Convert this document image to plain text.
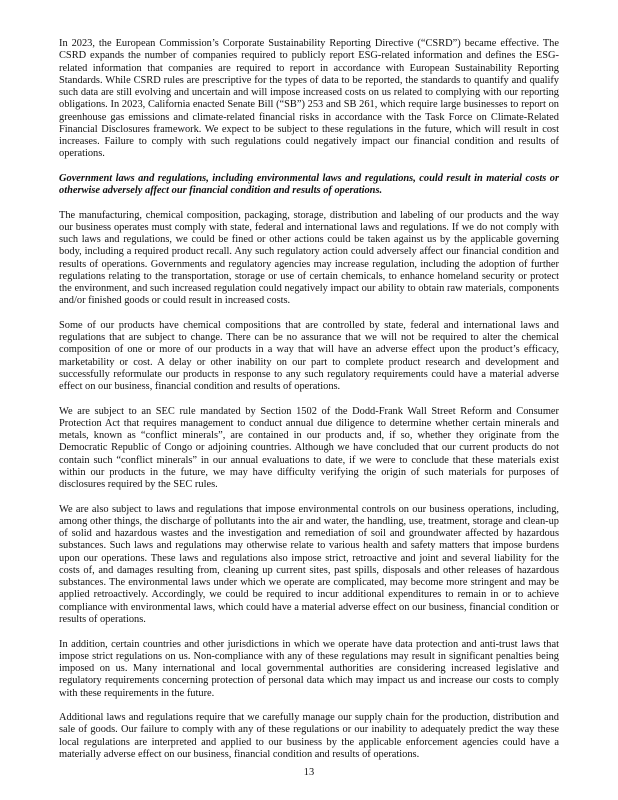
In 2023, the European Commission’s Corporate Sustainability Reporting Directive (“CSRD”) became effective. The CSRD expands the number of companies required to publicly report ESG-related information and defines the ESG-related information that companies are required to report in accordance with European Sustainability Reporting Standards. While CSRD rules are prescriptive for the types of data to be reported, the standards to quantify and qualify such data are still evolving and uncertain and will impose increased costs on us related to complying with our reporting obligations. In 2023, California enacted Senate Bill (“SB”) 253 and SB 261, which require large businesses to report on greenhouse gas emissions and climate-related financial risks in accordance with the Task Force on Climate-Related Financial Disclosures framework. We expect to be subject to these regulations in the future, which will result in cost increases. Failure to comply with such regulations could negatively impact our financial condition and results of operations.

Government laws and regulations, including environmental laws and regulations, could result in material costs or otherwise adversely affect our financial condition and results of operations.

The manufacturing, chemical composition, packaging, storage, distribution and labeling of our products and the way our business operates must comply with state, federal and international laws and regulations. If we do not comply with such laws and regulations, we could be fined or other actions could be taken against us by the applicable governing body, including a required product recall. Any such regulatory action could adversely affect our financial condition and results of operations. Governments and regulatory agencies may increase regulation, including the adoption of further regulations relating to the transportation, storage or use of certain chemicals, to enhance homeland security or protect the environment, and such increased regulation could negatively impact our ability to obtain raw materials, components and/or finished goods or could result in increased costs.

Some of our products have chemical compositions that are controlled by state, federal and international laws and regulations that are subject to change. There can be no assurance that we will not be required to alter the chemical composition of one or more of our products in a way that will have an adverse effect upon the product’s efficacy, marketability or cost. A delay or other inability on our part to complete product research and development and successfully reformulate our products in response to any such regulatory requirements could have a material adverse effect on our business, financial condition and results of operations.

We are subject to an SEC rule mandated by Section 1502 of the Dodd-Frank Wall Street Reform and Consumer Protection Act that requires management to conduct annual due diligence to determine whether certain minerals and metals, known as “conflict minerals”, are contained in our products and, if so, whether they originate from the Democratic Republic of Congo or adjoining countries. Although we have concluded that our current products do not contain such “conflict minerals” in our annual evaluations to date, if we were to conclude that these materials exist within our products in the future, we may have difficulty verifying the origin of such materials for purposes of disclosures required by the SEC rules.

We are also subject to laws and regulations that impose environmental controls on our business operations, including, among other things, the discharge of pollutants into the air and water, the handling, use, treatment, storage and clean-up of solid and hazardous wastes and the investigation and remediation of soil and groundwater affected by hazardous substances. Such laws and regulations may otherwise relate to various health and safety matters that impose burdens upon our operations. These laws and regulations also impose strict, retroactive and joint and several liability for the costs of, and damages resulting from, cleaning up current sites, past spills, disposals and other releases of hazardous substances. The environmental laws under which we operate are complicated, may become more stringent and may be applied retroactively. Accordingly, we could be required to incur additional expenditures to remain in or to achieve compliance with environmental laws, which could have a material adverse effect on our business, financial condition or results of operations.

In addition, certain countries and other jurisdictions in which we operate have data protection and anti-trust laws that impose strict regulations on us. Non-compliance with any of these regulations may result in significant penalties being imposed on us. Many international and local governmental authorities are considering increased legislative and regulatory requirements concerning protection of personal data which may impact us and increase our costs to comply with these requirements in the future.

Additional laws and regulations require that we carefully manage our supply chain for the production, distribution and sale of goods. Our failure to comply with any of these regulations or our inability to adequately predict the way these local regulations are interpreted and applied to our business by the applicable enforcement agencies could have a materially adverse effect on our business, financial condition and results of operations.

13
